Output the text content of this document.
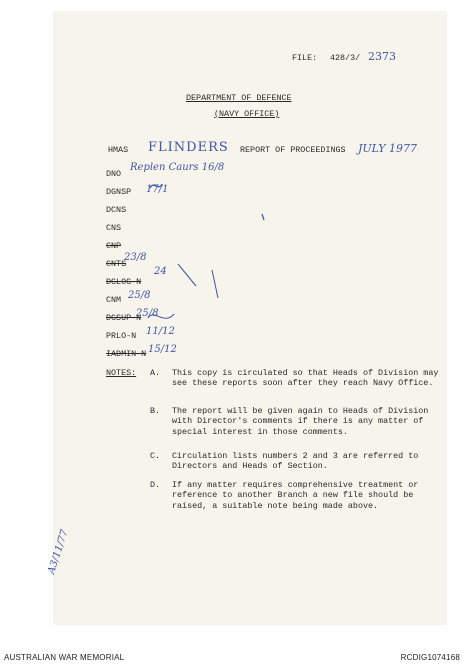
FILE: 428/3/ 2373
DEPARTMENT OF DEFENCE
(NAVY OFFICE)
HMAS FLINDERS REPORT OF PROCEEDINGS JULY 1977
DNO
Replen Caurs 16/8
DGNSP 17/1
DCNS
CNS
CNP
CNTS
23/8
DGLOG-N
24
CNM 25/8
DGSUP-N
25/8
PRLO-N 11/12
IADMIN-N 15/12
NOTES: A. This copy is circulated so that Heads of Division may see these reports soon after they reach Navy Office.
B. The report will be given again to Heads of Division with Director's comments if there is any matter of special interest in those comments.
C. Circulation lists numbers 2 and 3 are referred to Directors and Heads of Section.
D. If any matter requires comprehensive treatment or reference to another Branch a new file should be raised, a suitable note being made above.
A3/11/77
AUSTRALIAN WAR MEMORIAL	RCDIG1074168
